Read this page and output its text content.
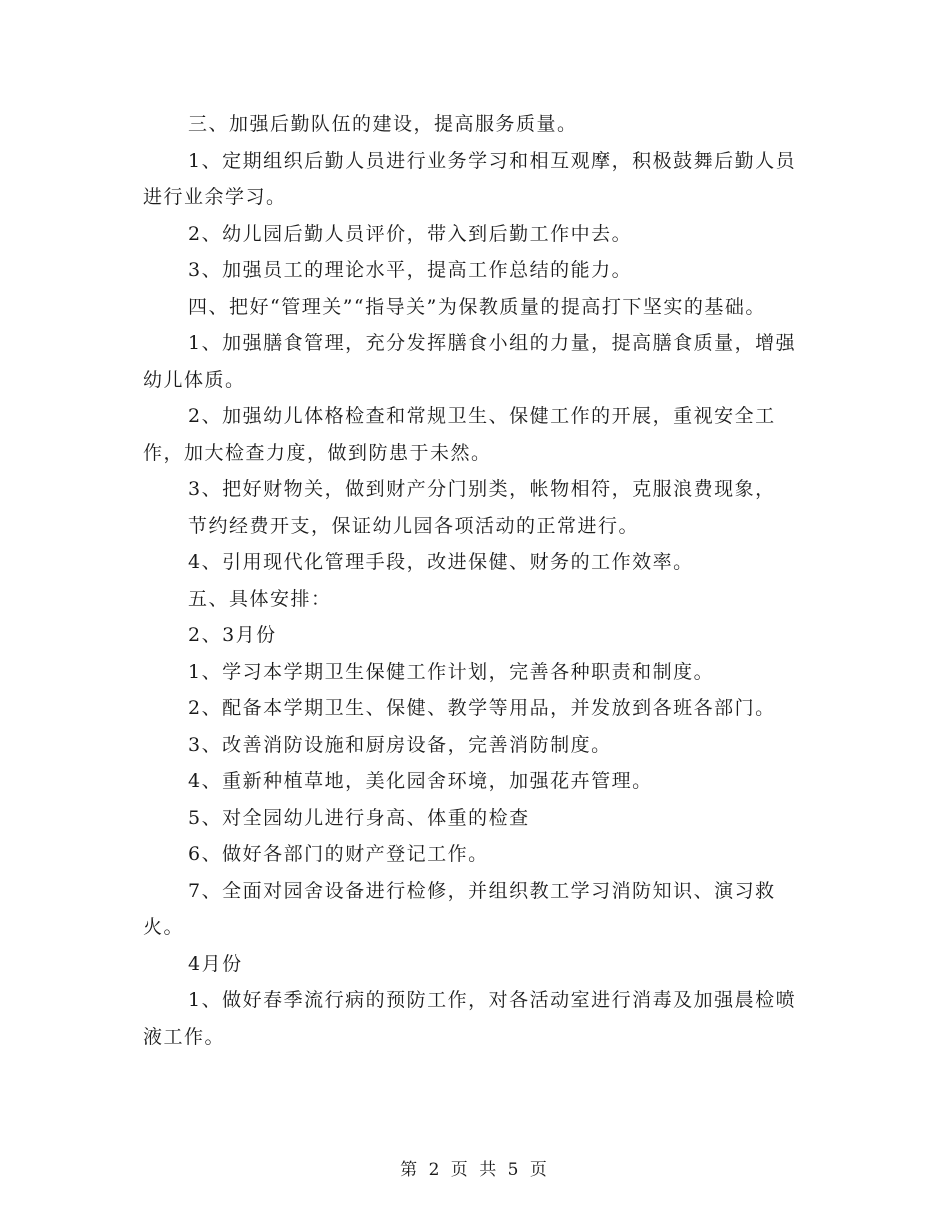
三、加强后勤队伍的建设，提高服务质量。

1、定期组织后勤人员进行业务学习和相互观摩，积极鼓舞后勤人员进行业余学习。

2、幼儿园后勤人员评价，带入到后勤工作中去。

3、加强员工的理论水平，提高工作总结的能力。

四、把好“管理关”“指导关”为保教质量的提高打下坚实的基础。

1、加强膳食管理，充分发挥膳食小组的力量，提高膳食质量，增强幼儿体质。

2、加强幼儿体格检查和常规卫生、保健工作的开展，重视安全工作，加大检查力度，做到防患于未然。

3、把好财物关，做到财产分门别类，帐物相符，克服浪费现象，

节约经费开支，保证幼儿园各项活动的正常进行。

4、引用现代化管理手段，改进保健、财务的工作效率。

五、具体安排：

2、3月份

1、学习本学期卫生保健工作计划，完善各种职责和制度。

2、配备本学期卫生、保健、教学等用品，并发放到各班各部门。

3、改善消防设施和厨房设备，完善消防制度。

4、重新种植草地，美化园舍环境，加强花卉管理。

5、对全园幼儿进行身高、体重的检查

6、做好各部门的财产登记工作。

7、全面对园舍设备进行检修，并组织教工学习消防知识、演习救火。

4月份

1、做好春季流行病的预防工作，对各活动室进行消毒及加强晨检喷液工作。

第 2 页 共 5 页
